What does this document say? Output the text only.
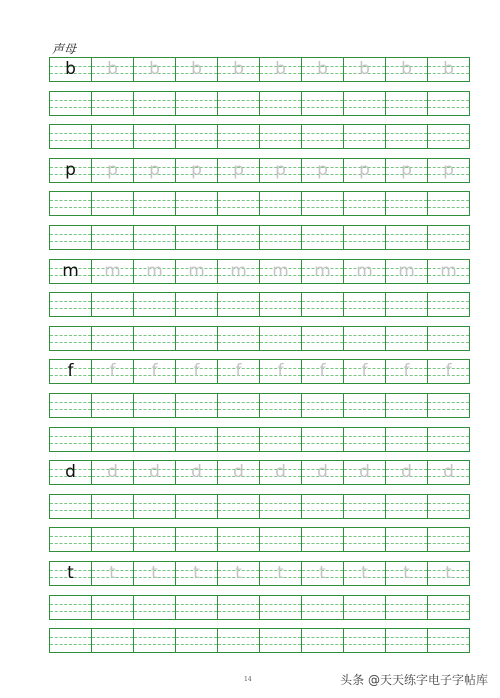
声母
b b b b b b b b b b
p p p p p p p p p p
m m m m m m m m m m
f f f f f f f f f f
d d d d d d d d d d
t t t t t t t t t t
14	头条 @天天练字电子字帖库
